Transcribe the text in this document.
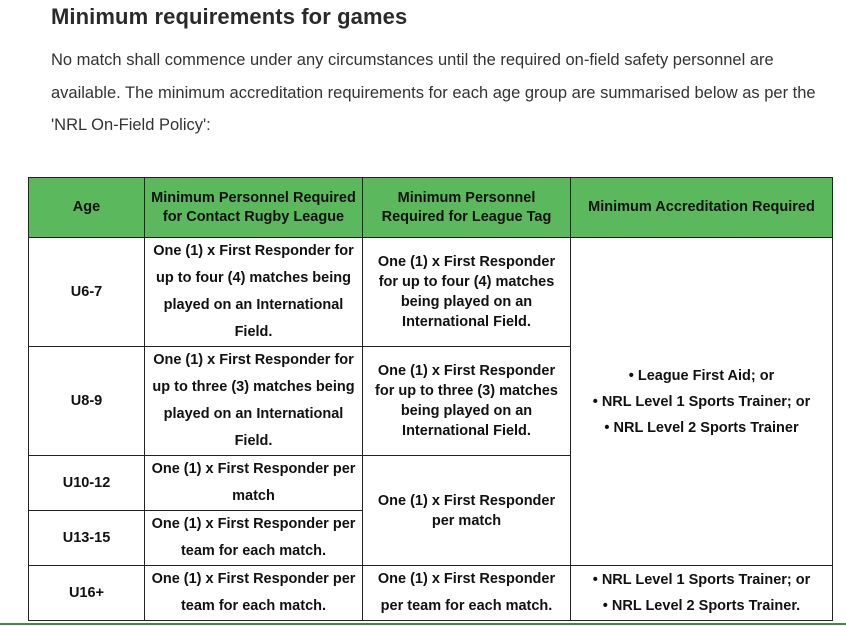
Minimum requirements for games

No match shall commence under any circumstances until the required on-field safety personnel are available. The minimum accreditation requirements for each age group are summarised below as per the 'NRL On-Field Policy':

Age	Minimum Personnel Required for Contact Rugby League	Minimum Personnel Required for League Tag	Minimum Accreditation Required
U6-7	One (1) x First Responder for up to four (4) matches being played on an International Field.	One (1) x First Responder for up to four (4) matches being played on an International Field.	• League First Aid; or
• NRL Level 1 Sports Trainer; or
• NRL Level 2 Sports Trainer

U8-9	One (1) x First Responder for up to three (3) matches being played on an International Field.	One (1) x First Responder for up to three (3) matches being played on an International Field.	
U10-12	One (1) x First Responder per match	One (1) x First Responder per match	
U13-15	One (1) x First Responder per team for each match.		
U16+	One (1) x First Responder per team for each match.	One (1) x First Responder per team for each match.	• NRL Level 1 Sports Trainer; or
• NRL Level 2 Sports Trainer.
